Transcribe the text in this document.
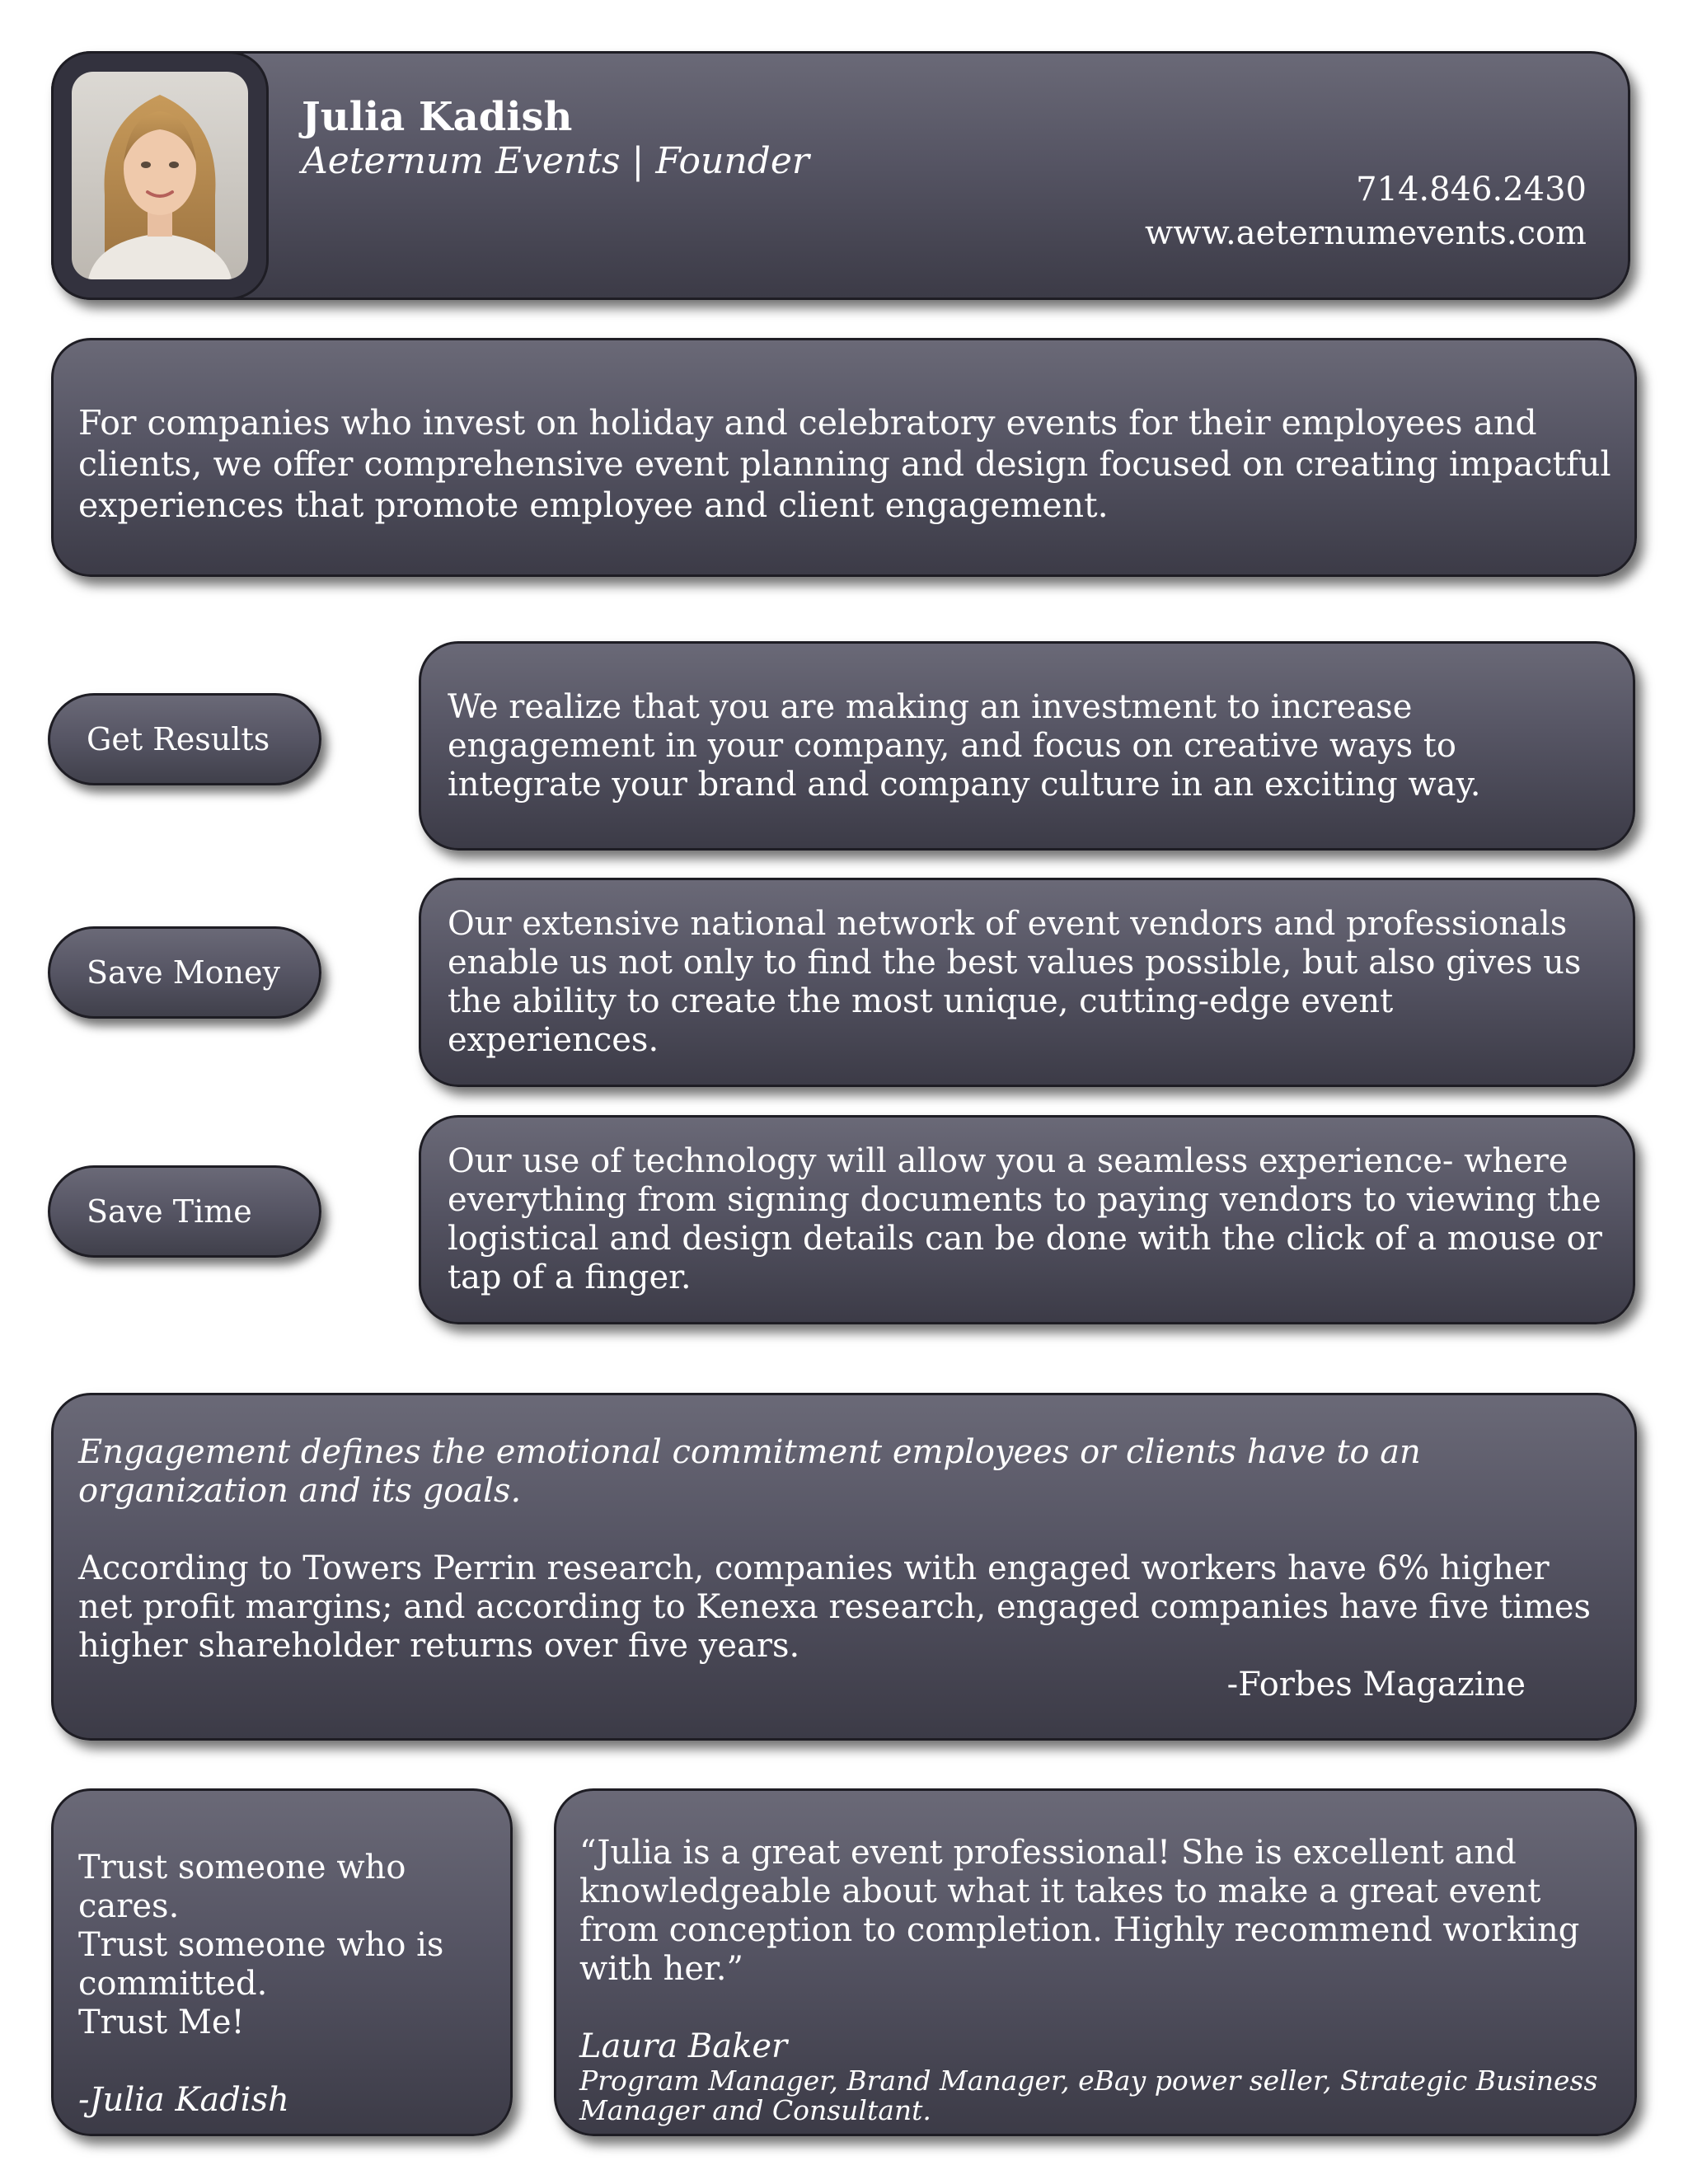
Julia Kadish
Aeternum Events | Founder
714.846.2430
www.aeternumevents.com
For companies who invest on holiday and celebratory events for their employees and clients, we offer comprehensive event planning and design focused on creating impactful experiences that promote employee and client engagement.
Get Results
We realize that you are making an investment to increase engagement in your company, and focus on creative ways to integrate your brand and company culture in an exciting way.
Save Money
Our extensive national network of event vendors and professionals enable us not only to find the best values possible, but also gives us the ability to create the most unique, cutting-edge event experiences.
Save Time
Our use of technology will allow you a seamless experience- where everything from signing documents to paying vendors to viewing the logistical and design details can be done with the click of a mouse or tap of a finger.
Engagement defines the emotional commitment employees or clients have to an organization and its goals.
According to Towers Perrin research, companies with engaged workers have 6% higher net profit margins; and according to Kenexa research, engaged companies have five times higher shareholder returns over five years.
-Forbes Magazine
Trust someone who cares.
Trust someone who is committed.
Trust Me!
-Julia Kadish
“Julia is a great event professional! She is excellent and knowledgeable about what it takes to make a great event from conception to completion. Highly recommend working with her.”
Laura Baker
Program Manager, Brand Manager, eBay power seller, Strategic Business Manager and Consultant.
